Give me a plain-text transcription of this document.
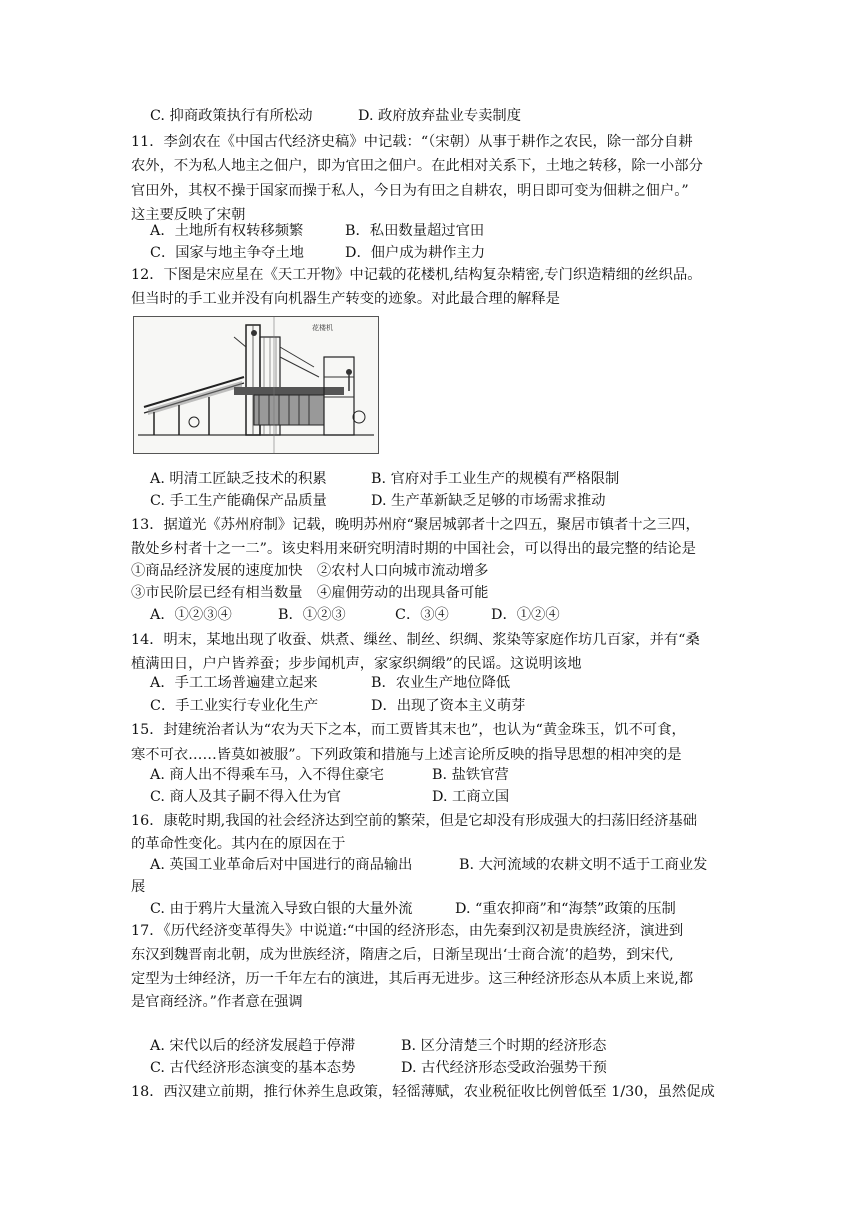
C. 抑商政策执行有所松动	D. 政府放弃盐业专卖制度
11．李剑农在《中国古代经济史稿》中记载：“（宋朝）从事于耕作之农民，除一部分自耕
农外，不为私人地主之佃户，即为官田之佃户。在此相对关系下，土地之转移，除一小部分
官田外，其权不操于国家而操于私人，今日为有田之自耕农，明日即可变为佃耕之佃户。”
这主要反映了宋朝
A．土地所有权转移频繁	B．私田数量超过官田
C．国家与地主争夺土地	D．佃户成为耕作主力
12．下图是宋应星在《天工开物》中记载的花楼机,结构复杂精密,专门织造精细的丝织品。
但当时的手工业并没有向机器生产转变的迹象。对此最合理的解释是
花楼机
A. 明清工匠缺乏技术的积累	B. 官府对手工业生产的规模有严格限制
C. 手工生产能确保产品质量	D. 生产革新缺乏足够的市场需求推动
13．据道光《苏州府制》记载，晚明苏州府“聚居城郭者十之四五，聚居市镇者十之三四，
散处乡村者十之一二”。该史料用来研究明清时期的中国社会，可以得出的最完整的结论是
①商品经济发展的速度加快　②农村人口向城市流动增多
③市民阶层已经有相当数量　④雇佣劳动的出现具备可能
A．①②③④	B．①②③	C．③④	D．①②④
14．明末，某地出现了收蚕、烘煮、缫丝、制丝、织绸、浆染等家庭作坊几百家，并有“桑
植满田日，户户皆养蚕；步步闻机声，家家织绸缎”的民谣。这说明该地
A．手工工场普遍建立起来	B．农业生产地位降低
C．手工业实行专业化生产	D．出现了资本主义萌芽
15．封建统治者认为“农为天下之本，而工贾皆其末也”，也认为“黄金珠玉，饥不可食，
寒不可衣……皆莫如被服”。下列政策和措施与上述言论所反映的指导思想的相冲突的是
A. 商人出不得乘车马，入不得住豪宅	B. 盐铁官营
C. 商人及其子嗣不得入仕为官	D. 工商立国
16．康乾时期,我国的社会经济达到空前的繁荣，但是它却没有形成强大的扫荡旧经济基础
的革命性变化。其内在的原因在于
A. 英国工业革命后对中国进行的商品输出	B. 大河流域的农耕文明不适于工商业发
展
C. 由于鸦片大量流入导致白银的大量外流	D. “重农抑商”和“海禁”政策的压制
17．《历代经济变革得失》中说道:“中国的经济形态，由先秦到汉初是贵族经济，演进到
东汉到魏晋南北朝，成为世族经济，隋唐之后，日渐呈现出‘士商合流’的趋势，到宋代,
定型为士绅经济，历一千年左右的演进，其后再无进步。这三种经济形态从本质上来说,都
是官商经济。”作者意在强调
A. 宋代以后的经济发展趋于停滞	B. 区分清楚三个时期的经济形态
C. 古代经济形态演变的基本态势	D. 古代经济形态受政治强势干预
18．西汉建立前期，推行休养生息政策，轻徭薄赋，农业税征收比例曾低至 1/30，虽然促成
